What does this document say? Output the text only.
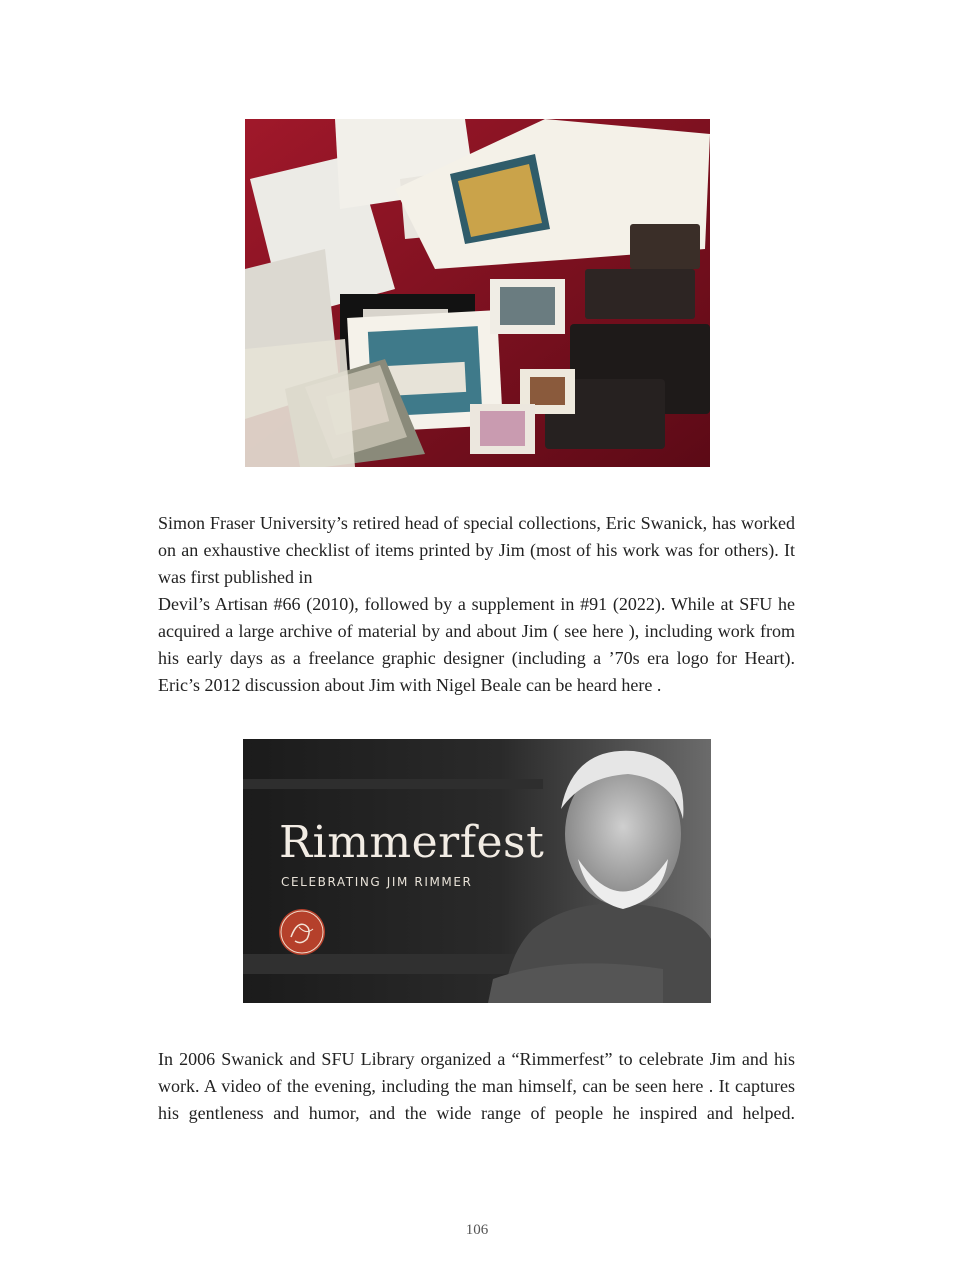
Simon Fraser University’s retired head of special collections, Eric Swanick, has worked on an exhaustive checklist of items printed by Jim (most of his work was for others). It was first published in
Devil’s Artisan #66 (2010), followed by a supplement in #91 (2022). While at SFU he acquired a large archive of material by and about Jim ( see here ), including work from his early days as a freelance graphic designer (including a ’70s era logo for Heart). Eric’s 2012 discussion about Jim with Nigel Beale can be heard here .
Rimmerfest
CELEBRATING JIM RIMMER
In 2006 Swanick and SFU Library organized a “Rimmerfest” to celebrate Jim and his work. A video of the evening, including the man himself, can be seen here . It captures his gentleness and humor, and the wide range of people he inspired and helped.
106
